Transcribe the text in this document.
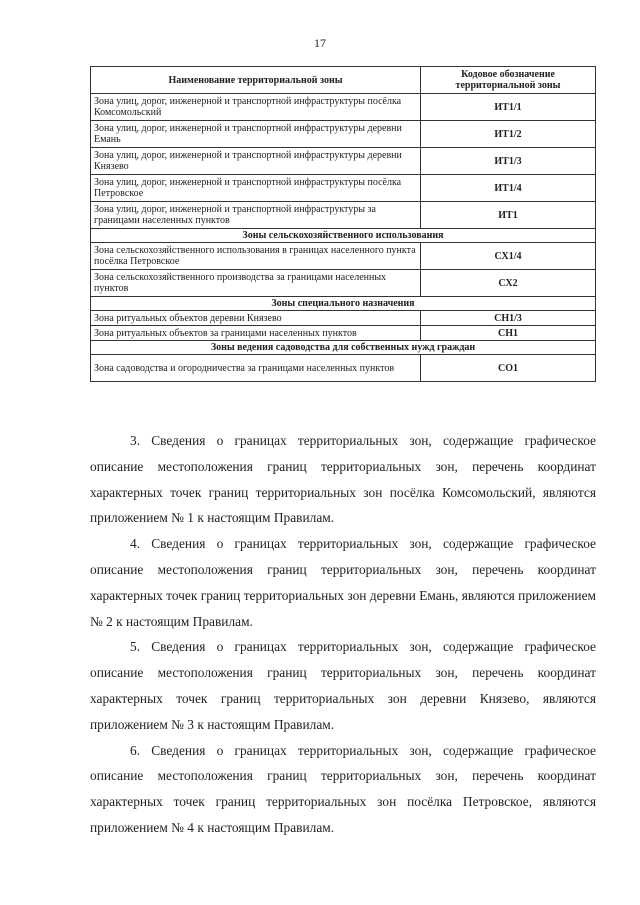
17
Наименование территориальной зоны	Кодовое обозначение территориальной зоны
Зона улиц, дорог, инженерной и транспортной инфраструктуры посёлка Комсомольский	ИТ1/1
Зона улиц, дорог, инженерной и транспортной инфраструктуры деревни Емань	ИТ1/2
Зона улиц, дорог, инженерной и транспортной инфраструктуры деревни Князево	ИТ1/3
Зона улиц, дорог, инженерной и транспортной инфраструктуры посёлка Петровское	ИТ1/4
Зона улиц, дорог, инженерной и транспортной инфраструктуры за границами населенных пунктов	ИТ1
Зоны сельскохозяйственного использования	
Зона сельскохозяйственного использования в границах населенного пункта посёлка Петровское	СХ1/4
Зона сельскохозяйственного производства за границами населенных пунктов	СХ2
Зоны специального назначения	
Зона ритуальных объектов деревни Князево	СН1/3
Зона ритуальных объектов за границами населенных пунктов	СН1
Зоны ведения садоводства для собственных нужд граждан	
Зона садоводства и огородничества за границами населенных пунктов	СО1

3. Сведения о границах территориальных зон, содержащие графическое описание местоположения границ территориальных зон, перечень координат характерных точек границ территориальных зон посёлка Комсомольский, являются приложением № 1 к настоящим Правилам.

4. Сведения о границах территориальных зон, содержащие графическое описание местоположения границ территориальных зон, перечень координат характерных точек границ территориальных зон деревни Емань, являются приложением № 2 к настоящим Правилам.

5. Сведения о границах территориальных зон, содержащие графическое описание местоположения границ территориальных зон, перечень координат характерных точек границ территориальных зон деревни Князево, являются приложением № 3 к настоящим Правилам.

6. Сведения о границах территориальных зон, содержащие графическое описание местоположения границ территориальных зон, перечень координат характерных точек границ территориальных зон посёлка Петровское, являются приложением № 4 к настоящим Правилам.
